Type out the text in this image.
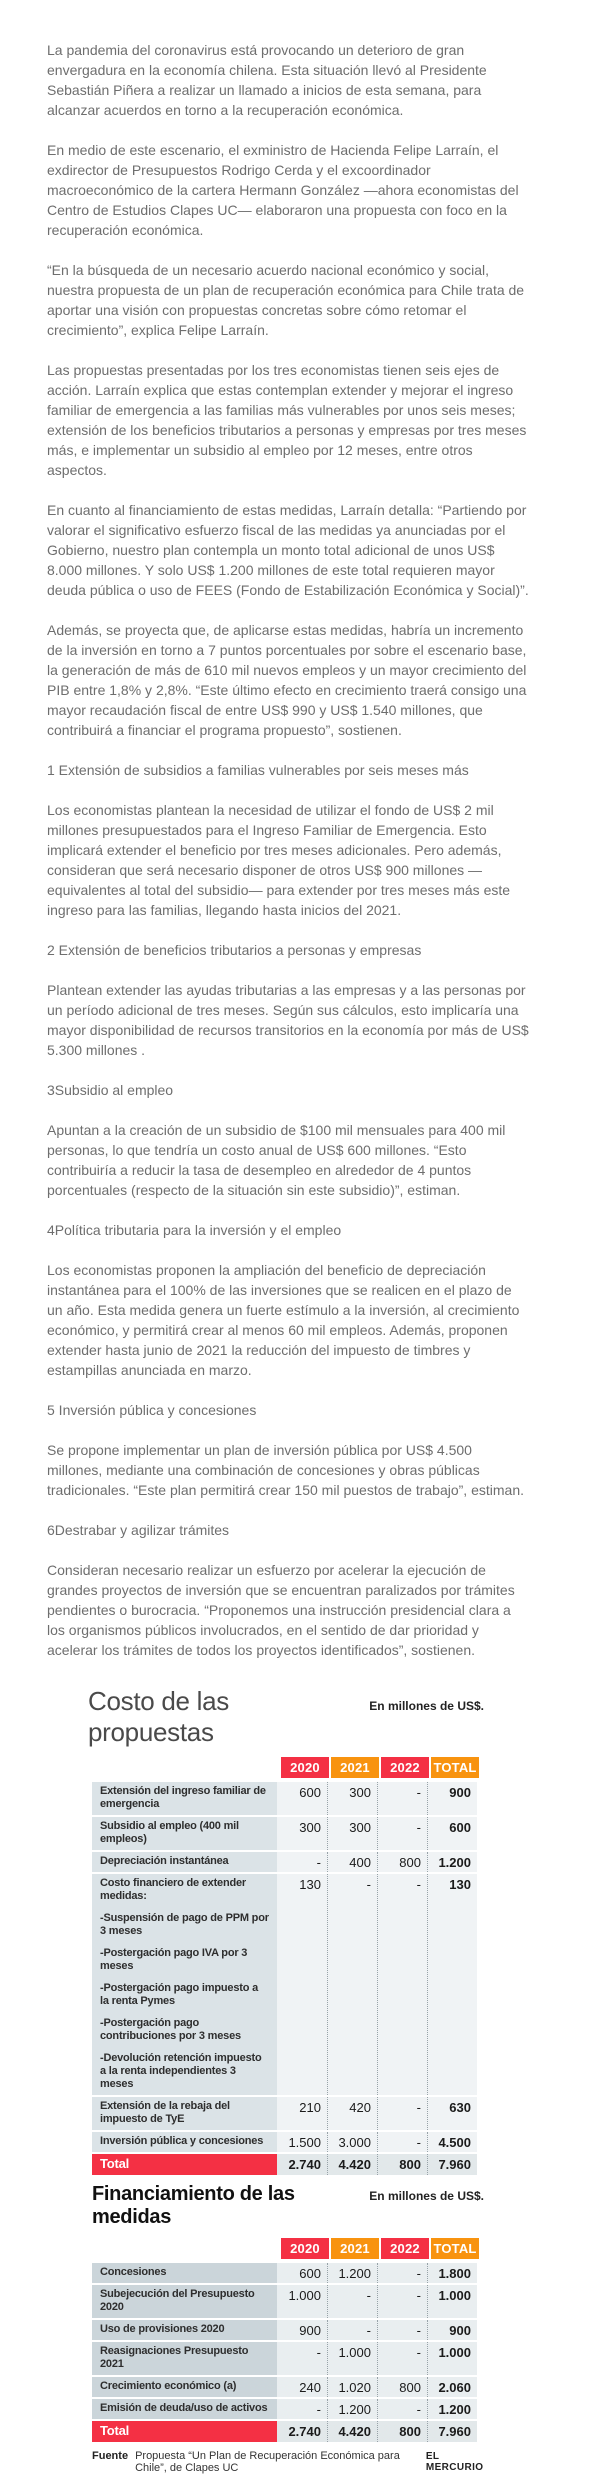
La pandemia del coronavirus está provocando un deterioro de gran envergadura en la economía chilena. Esta situación llevó al Presidente Sebastián Piñera a realizar un llamado a inicios de esta semana, para alcanzar acuerdos en torno a la recuperación económica.

En medio de este escenario, el exministro de Hacienda Felipe Larraín, el exdirector de Presupuestos Rodrigo Cerda y el excoordinador macroeconómico de la cartera Hermann González —ahora economistas del Centro de Estudios Clapes UC— elaboraron una propuesta con foco en la recuperación económica.

“En la búsqueda de un necesario acuerdo nacional económico y social, nuestra propuesta de un plan de recuperación económica para Chile trata de aportar una visión con propuestas concretas sobre cómo retomar el crecimiento”, explica Felipe Larraín.

Las propuestas presentadas por los tres economistas tienen seis ejes de acción. Larraín explica que estas contemplan extender y mejorar el ingreso familiar de emergencia a las familias más vulnerables por unos seis meses; extensión de los beneficios tributarios a personas y empresas por tres meses más, e implementar un subsidio al empleo por 12 meses, entre otros aspectos.

En cuanto al financiamiento de estas medidas, Larraín detalla: “Partiendo por valorar el significativo esfuerzo fiscal de las medidas ya anunciadas por el Gobierno, nuestro plan contempla un monto total adicional de unos US$ 8.000 millones. Y solo US$ 1.200 millones de este total requieren mayor deuda pública o uso de FEES (Fondo de Estabilización Económica y Social)”.

Además, se proyecta que, de aplicarse estas medidas, habría un incremento de la inversión en torno a 7 puntos porcentuales por sobre el escenario base, la generación de más de 610 mil nuevos empleos y un mayor crecimiento del PIB entre 1,8% y 2,8%. “Este último efecto en crecimiento traerá consigo una mayor recaudación fiscal de entre US$ 990 y US$ 1.540 millones, que contribuirá a financiar el programa propuesto”, sostienen.

1 Extensión de subsidios a familias vulnerables por seis meses más

Los economistas plantean la necesidad de utilizar el fondo de US$ 2 mil millones presupuestados para el Ingreso Familiar de Emergencia. Esto implicará extender el beneficio por tres meses adicionales. Pero además, consideran que será necesario disponer de otros US$ 900 millones —equivalentes al total del subsidio— para extender por tres meses más este ingreso para las familias, llegando hasta inicios del 2021.

2 Extensión de beneficios tributarios a personas y empresas

Plantean extender las ayudas tributarias a las empresas y a las personas por un período adicional de tres meses. Según sus cálculos, esto implicaría una mayor disponibilidad de recursos transitorios en la economía por más de US$ 5.300 millones .

3Subsidio al empleo

Apuntan a la creación de un subsidio de $100 mil mensuales para 400 mil personas, lo que tendría un costo anual de US$ 600 millones. “Esto contribuiría a reducir la tasa de desempleo en alrededor de 4 puntos porcentuales (respecto de la situación sin este subsidio)”, estiman.

4Política tributaria para la inversión y el empleo

Los economistas proponen la ampliación del beneficio de depreciación instantánea para el 100% de las inversiones que se realicen en el plazo de un año. Esta medida genera un fuerte estímulo a la inversión, al crecimiento económico, y permitirá crear al menos 60 mil empleos. Además, proponen extender hasta junio de 2021 la reducción del impuesto de timbres y estampillas anunciada en marzo.

5 Inversión pública y concesiones

Se propone implementar un plan de inversión pública por US$ 4.500 millones, mediante una combinación de concesiones y obras públicas tradicionales. “Este plan permitirá crear 150 mil puestos de trabajo”, estiman.

6Destrabar y agilizar trámites

Consideran necesario realizar un esfuerzo por acelerar la ejecución de grandes proyectos de inversión que se encuentran paralizados por trámites pendientes o burocracia. “Proponemos una instrucción presidencial clara a los organismos públicos involucrados, en el sentido de dar prioridad y acelerar los trámites de todos los proyectos identificados”, sostienen.

Costo de las propuestas
En millones de US$.
2020	2021	2022	TOTAL
Extensión del ingreso familiar de emergencia
600	300	-	900
Subsidio al empleo (400 mil empleos)
300	300	-	600
Depreciación instantánea	-	400	800	1.200
Costo financiero de extender medidas:
-Suspensión de pago de PPM por 3 meses
-Postergación pago IVA por 3 meses
-Postergación pago impuesto a la renta Pymes
-Postergación pago contribuciones por 3 meses
-Devolución retención impuesto a la renta independientes 3 meses
130	-	-	130
Extensión de la rebaja del impuesto de TyE
210	420	-	630
Inversión pública y concesiones	1.500	3.000	-	4.500
Total	2.740	4.420	800	7.960
Financiamiento de las medidas
En millones de US$.
2020	2021	2022	TOTAL
Concesiones	600	1.200	-	1.800
Subejecución del Presupuesto 2020
1.000	-	-	1.000
Uso de provisiones 2020	900	-	-	900
Reasignaciones Presupuesto 2021
-	1.000	-	1.000
Crecimiento económico (a)	240	1.020	800	2.060
Emisión de deuda/uso de activos	-	1.200	-	1.200
Total	2.740	4.420	800	7.960
Fuente Propuesta “Un Plan de Recuperación Económica para Chile”, de Clapes UC
EL MERCURIO
